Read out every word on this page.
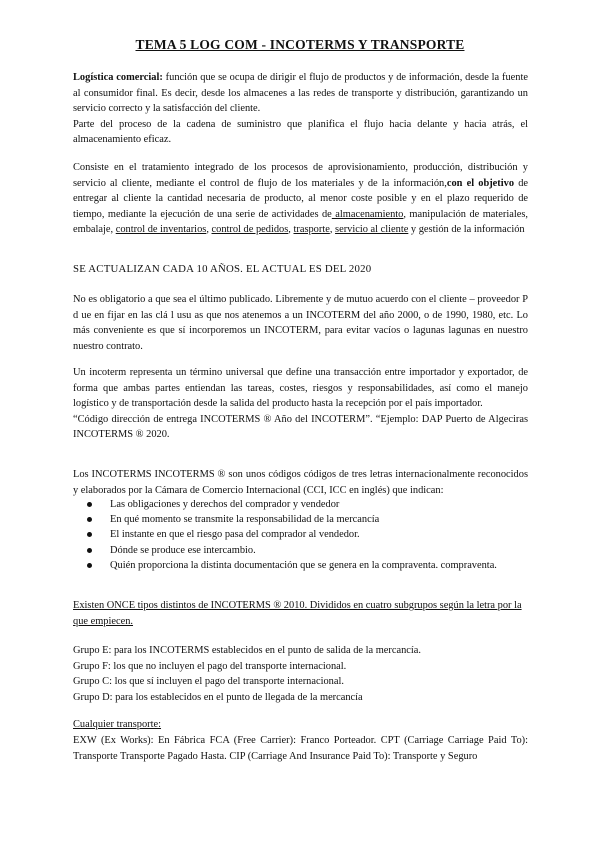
TEMA 5 LOG COM - INCOTERMS Y TRANSPORTE

Logística comercial: función que se ocupa de dirigir el flujo de productos y de información, desde la fuente al consumidor final. Es decir, desde los almacenes a las redes de transporte y distribución, garantizando un servicio correcto y la satisfacción del cliente.

Parte del proceso de la cadena de suministro que planifica el flujo hacia delante y hacia atrás, el almacenamiento eficaz.

Consiste en el tratamiento integrado de los procesos de aprovisionamiento, producción, distribución y servicio al cliente, mediante el control de flujo de los materiales y de la información,con el objetivo de entregar al cliente la cantidad necesaria de producto, al menor coste posible y en el plazo requerido de tiempo, mediante la ejecución de una serie de actividades de almacenamiento, manipulación de materiales, embalaje, control de inventarios, control de pedidos, trasporte, servicio al cliente y gestión de la información

SE ACTUALIZAN CADA 10 AÑOS. EL ACTUAL ES DEL 2020
No es obligatorio a que sea el último publicado. Libremente y de mutuo acuerdo con el cliente – proveedor P d ue en fijar en las clá l usu as que nos atenemos a un INCOTERM del año 2000, o de 1990, 1980, etc. Lo más conveniente es que sí incorporemos un INCOTERM, para evitar vacíos o lagunas lagunas en nuestro nuestro contrato.

Un incoterm representa un término universal que define una transacción entre importador y exportador, de forma que ambas partes entiendan las tareas, costes, riesgos y responsabilidades, así como el manejo logístico y de transportación desde la salida del producto hasta la recepción por el país importador.

“Código dirección de entrega INCOTERMS ® Año del INCOTERM”. “Ejemplo: DAP Puerto de Algeciras INCOTERMS ® 2020.

Los INCOTERMS INCOTERMS ® son unos códigos códigos de tres letras internacionalmente reconocidos y elaborados por la Cámara de Comercio Internacional (CCI, ICC en inglés) que indican:
Las obligaciones y derechos del comprador y vendedor
En qué momento se transmite la responsabilidad de la mercancía
El instante en que el riesgo pasa del comprador al vendedor.
Dónde se produce ese intercambio.
Quién proporciona la distinta documentación que se genera en la compraventa. compraventa.
Existen ONCE tipos distintos de INCOTERMS ® 2010. Divididos en cuatro subgrupos según la letra por la que empiecen.

Grupo E: para los INCOTERMS establecidos en el punto de salida de la mercancía.

Grupo F: los que no incluyen el pago del transporte internacional.

Grupo C: los que sí incluyen el pago del transporte internacional.

Grupo D: para los establecidos en el punto de llegada de la mercancía

Cualquier transporte:
EXW (Ex Works): En Fábrica FCA (Free Carrier): Franco Porteador. CPT (Carriage Carriage Paid To): Transporte Transporte Pagado Hasta. CIP (Carriage And Insurance Paid To): Transporte y Seguro
